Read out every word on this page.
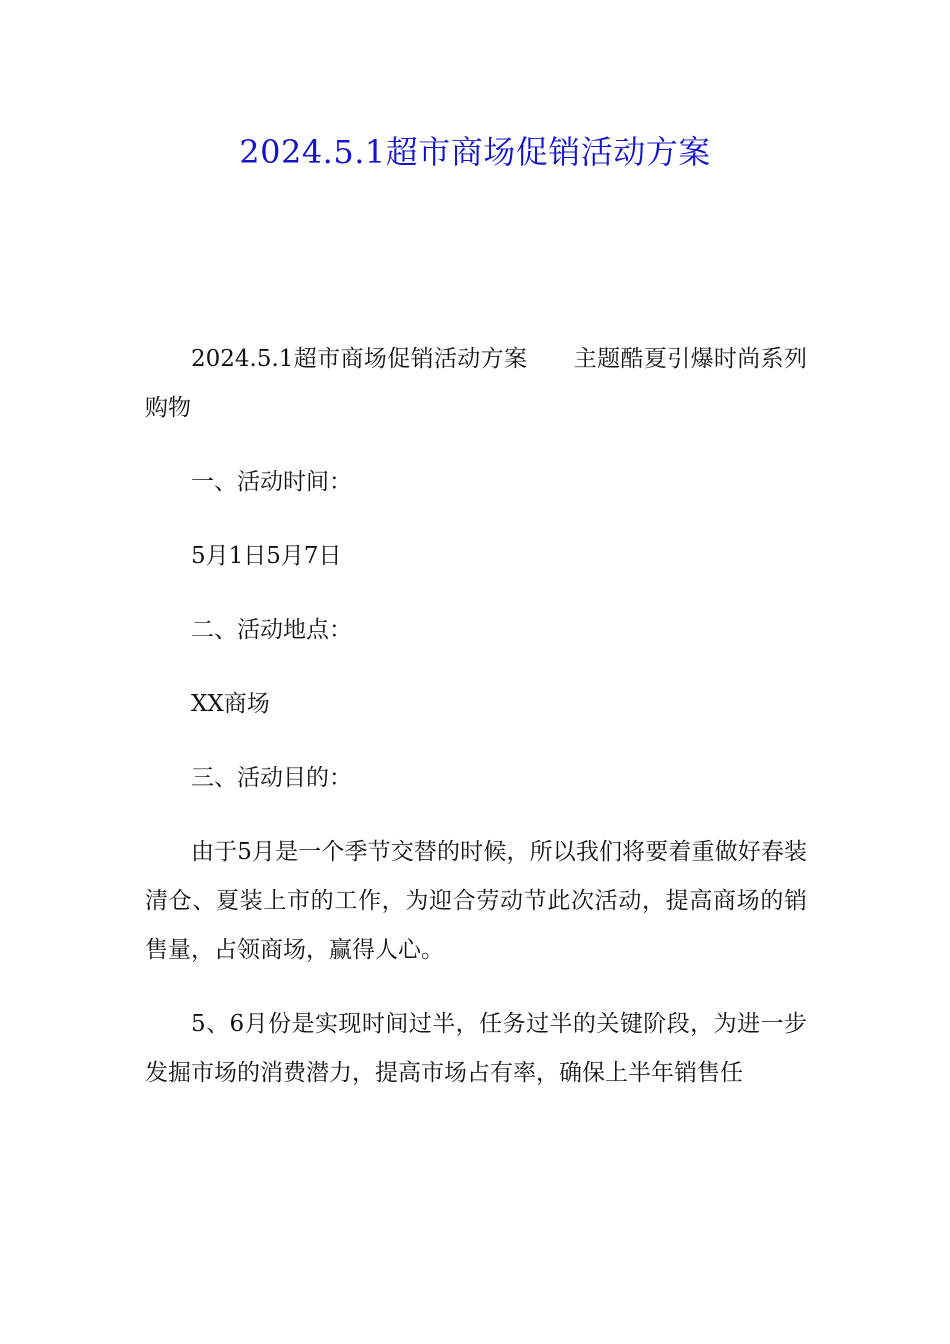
2024.5.1超市商场促销活动方案

2024.5.1超市商场促销活动方案 主题酷夏引爆时尚系列购物

一、活动时间：

5月1日5月7日

二、活动地点：

XX商场

三、活动目的：

由于5月是一个季节交替的时候，所以我们将要着重做好春装清仓、夏装上市的工作，为迎合劳动节此次活动，提高商场的销售量，占领商场，赢得人心。

5、6月份是实现时间过半，任务过半的关键阶段，为进一步发掘市场的消费潜力，提高市场占有率，确保上半年销售任
